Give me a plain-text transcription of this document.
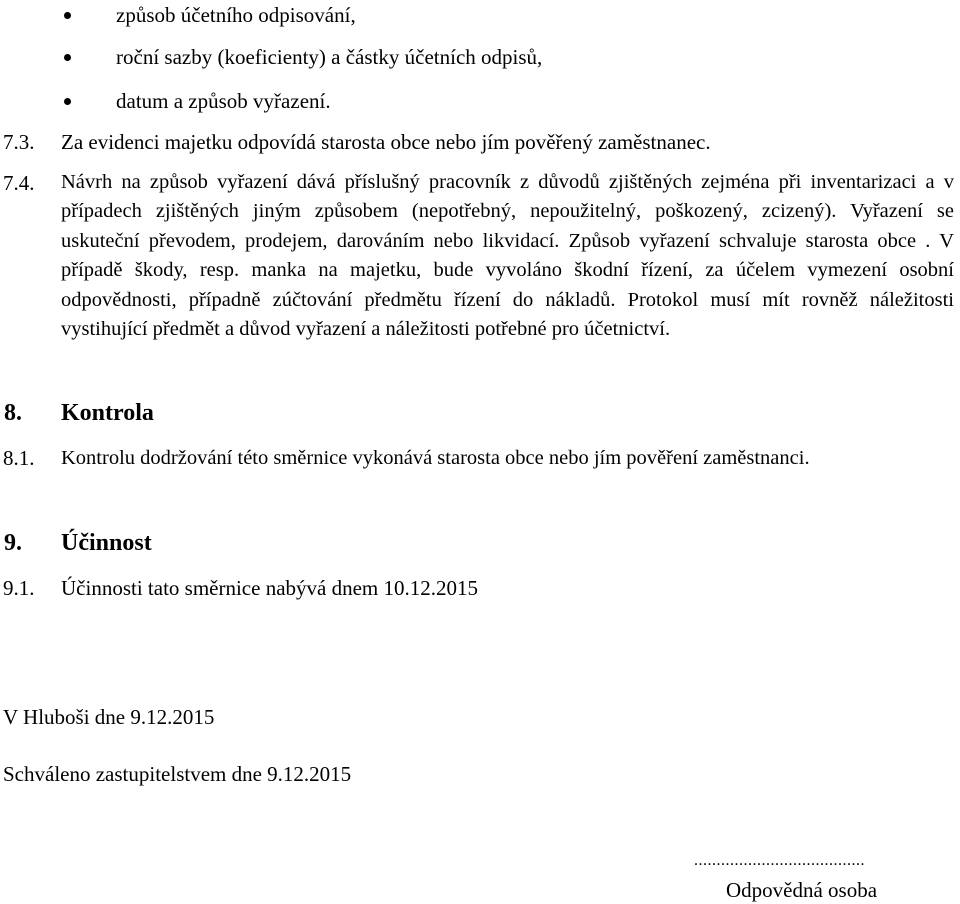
způsob účetního odpisování,
roční sazby (koeficienty) a částky účetních odpisů,
datum a způsob vyřazení.
7.3. Za evidenci majetku odpovídá starosta obce nebo jím pověřený zaměstnanec.
7.4. Návrh na způsob vyřazení dává příslušný pracovník z důvodů zjištěných zejména při inventarizaci a v případech zjištěných jiným způsobem (nepotřebný, nepoužitelný, poškozený, zcizený). Vyřazení se uskuteční převodem, prodejem, darováním nebo likvidací. Způsob vyřazení schvaluje starosta obce . V případě škody, resp. manka na majetku, bude vyvoláno škodní řízení, za účelem vymezení osobní odpovědnosti, případně zúčtování předmětu řízení do nákladů. Protokol musí mít rovněž náležitosti vystihující předmět a důvod vyřazení a náležitosti potřebné pro účetnictví.
8. Kontrola
8.1. Kontrolu dodržování této směrnice vykonává starosta obce nebo jím pověření zaměstnanci.
9. Účinnost
9.1. Účinnosti tato směrnice nabývá dnem 10.12.2015
V Hluboši dne 9.12.2015
Schváleno zastupitelstvem dne 9.12.2015
......................................
Odpovědná osoba
